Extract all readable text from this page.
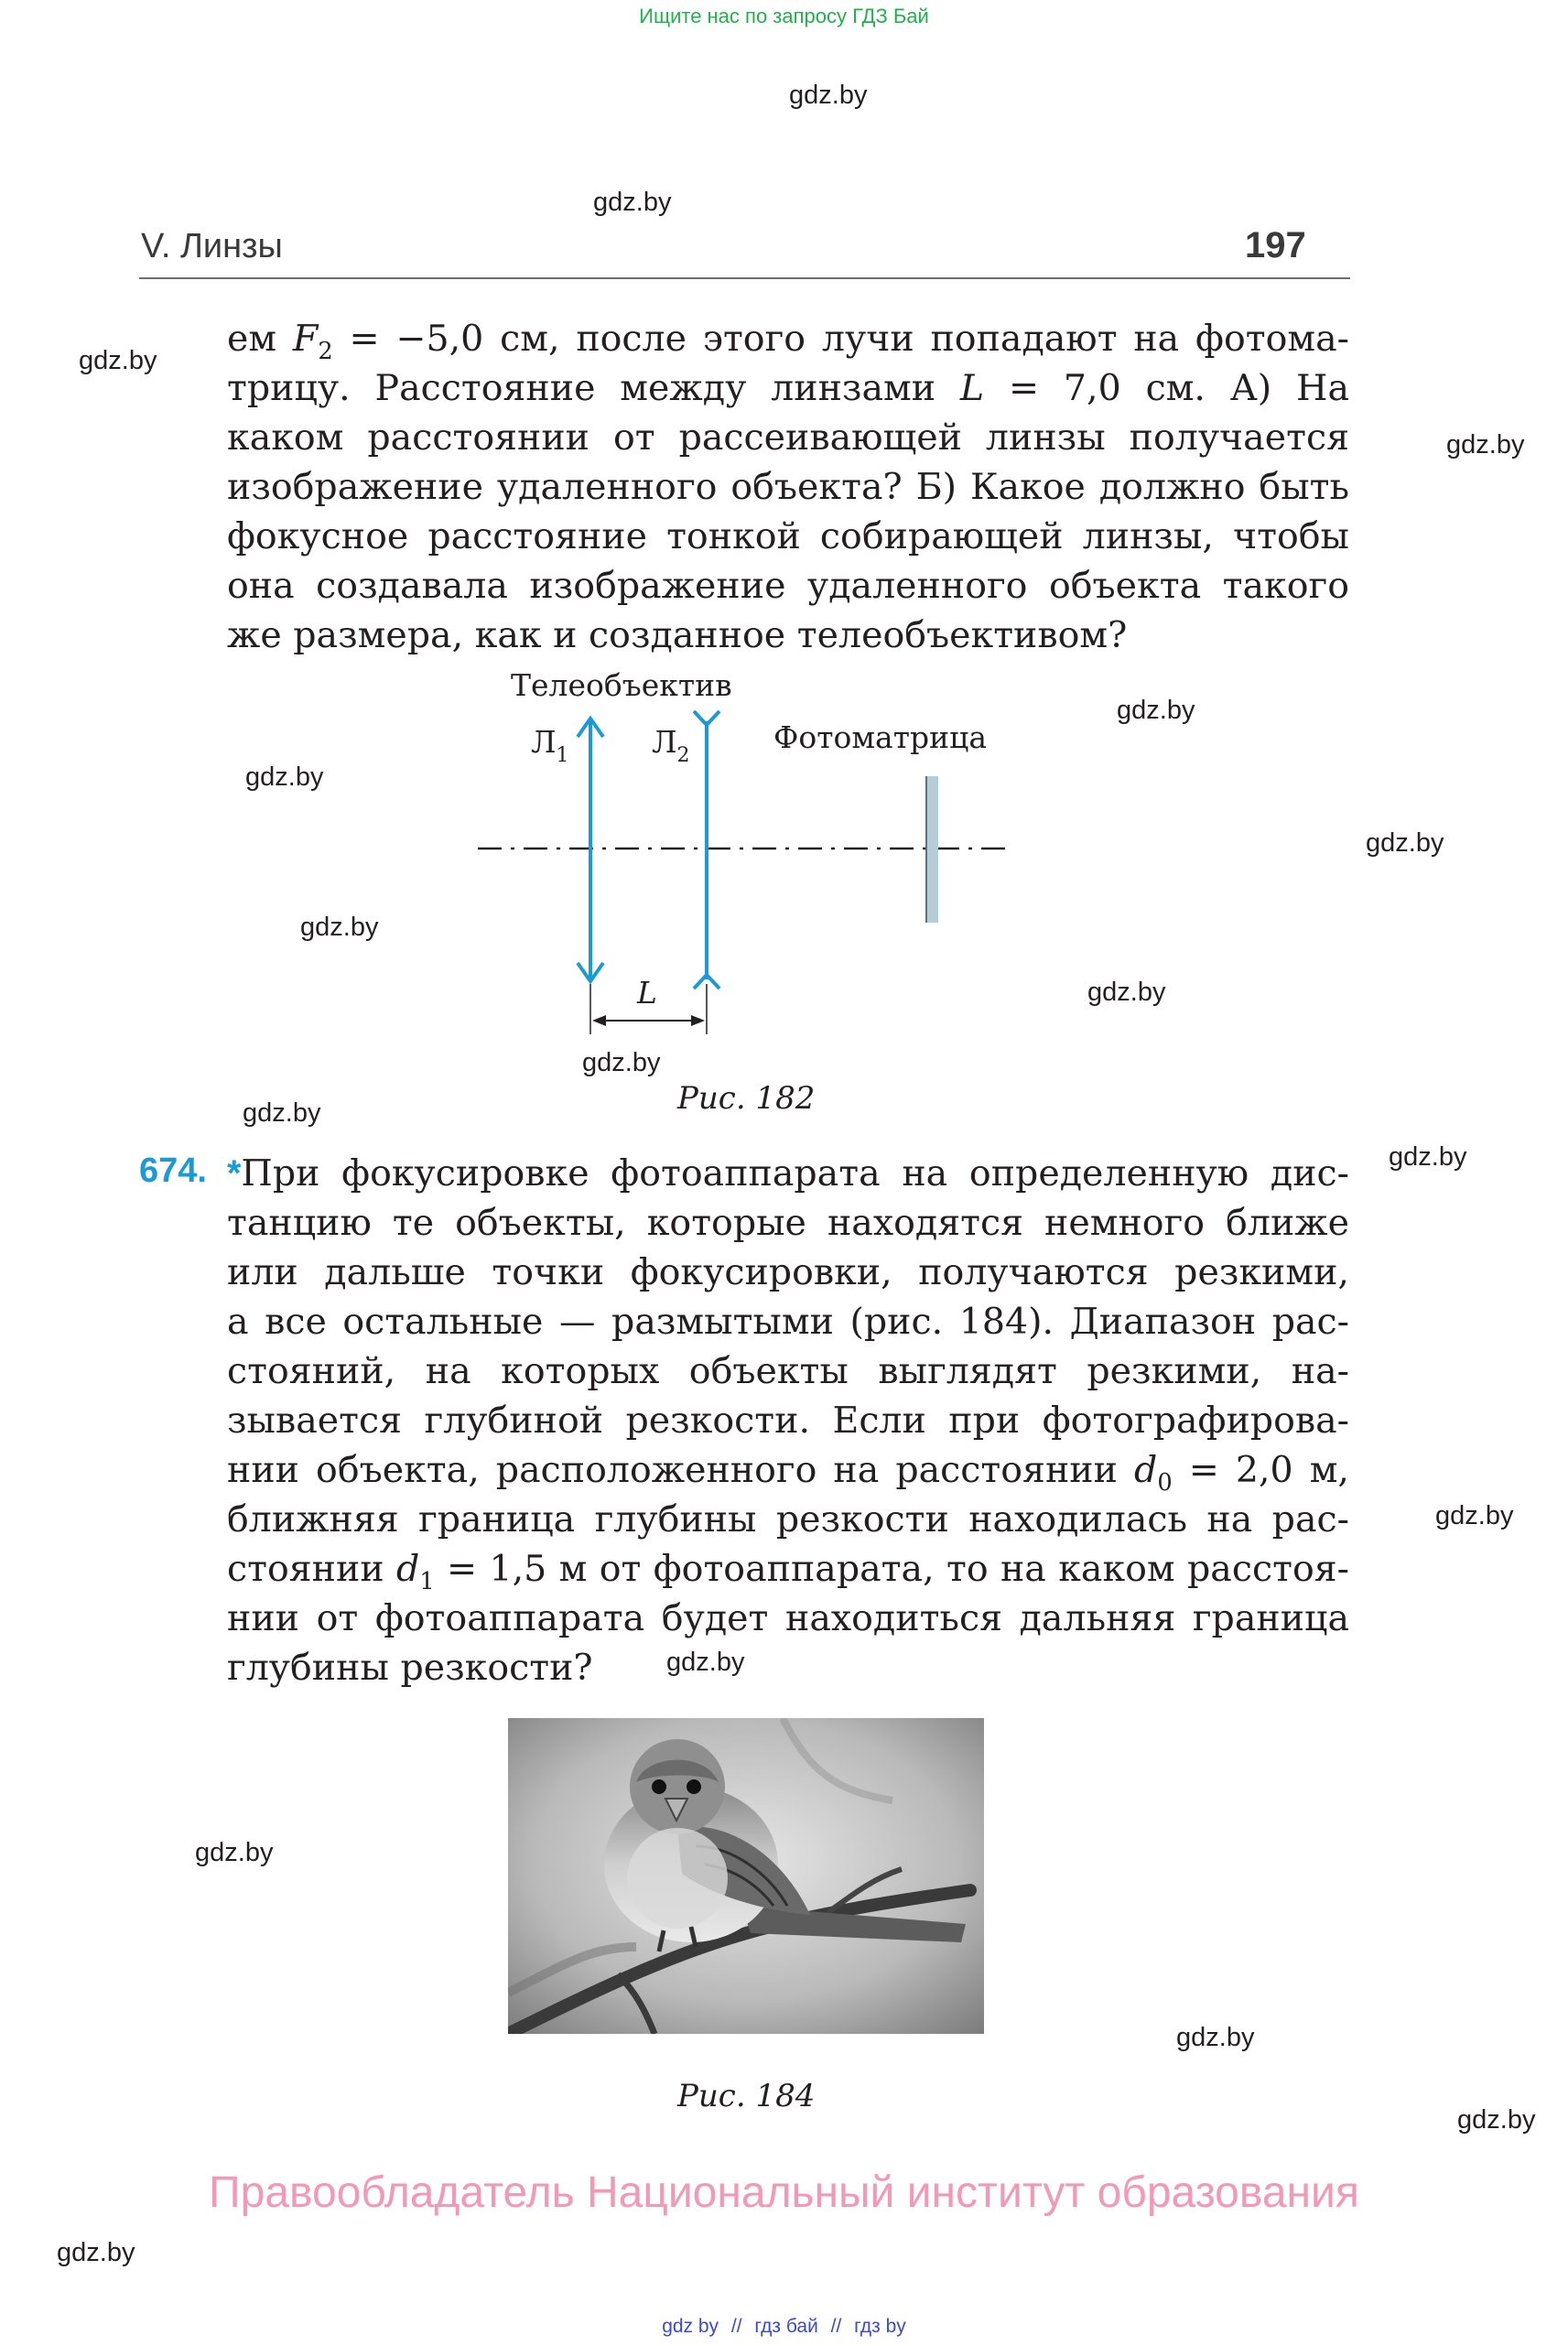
Ищите нас по запросу ГДЗ Бай
gdz.by
gdz.by
gdz.by
gdz.by
gdz.by
gdz.by
gdz.by
gdz.by
gdz.by
gdz.by
gdz.by
gdz.by
gdz.by
gdz.by
gdz.by
gdz.by
gdz.by
gdz.by
V. Линзы	197
ем $F_2 = -5,0$ см, после этого лучи попадают на фотома-
трицу. Расстояние между линзами L = 7,0 см. А) На
каком расстоянии от рассеивающей линзы получается
изображение удаленного объекта? Б) Какое должно быть
фокусное расстояние тонкой собирающей линзы, чтобы
она создавала изображение удаленного объекта такого
же размера, как и созданное телеобъективом?
Телеобъектив
$Л_1$	$Л_2$
Фотоматрица
L
Рис. 182
674. *При фокусировке фотоаппарата на определенную дис-
танцию те объекты, которые находятся немного ближе
или дальше точки фокусировки, получаются резкими,
а все остальные — размытыми (рис. 184). Диапазон рас-
стояний, на которых объекты выглядят резкими, на-
зывается глубиной резкости. Если при фотографирова-
нии объекта, расположенного на расстоянии $d_0 = 2,0$ м,
ближняя граница глубины резкости находилась на рас-
стоянии $d_1 = 1,5$ м от фотоаппарата, то на каком расстоя-
нии от фотоаппарата будет находиться дальняя граница
глубины резкости?
Рис. 184
Правообладатель Национальный институт образования
gdz by // гдз бай // гдз by
